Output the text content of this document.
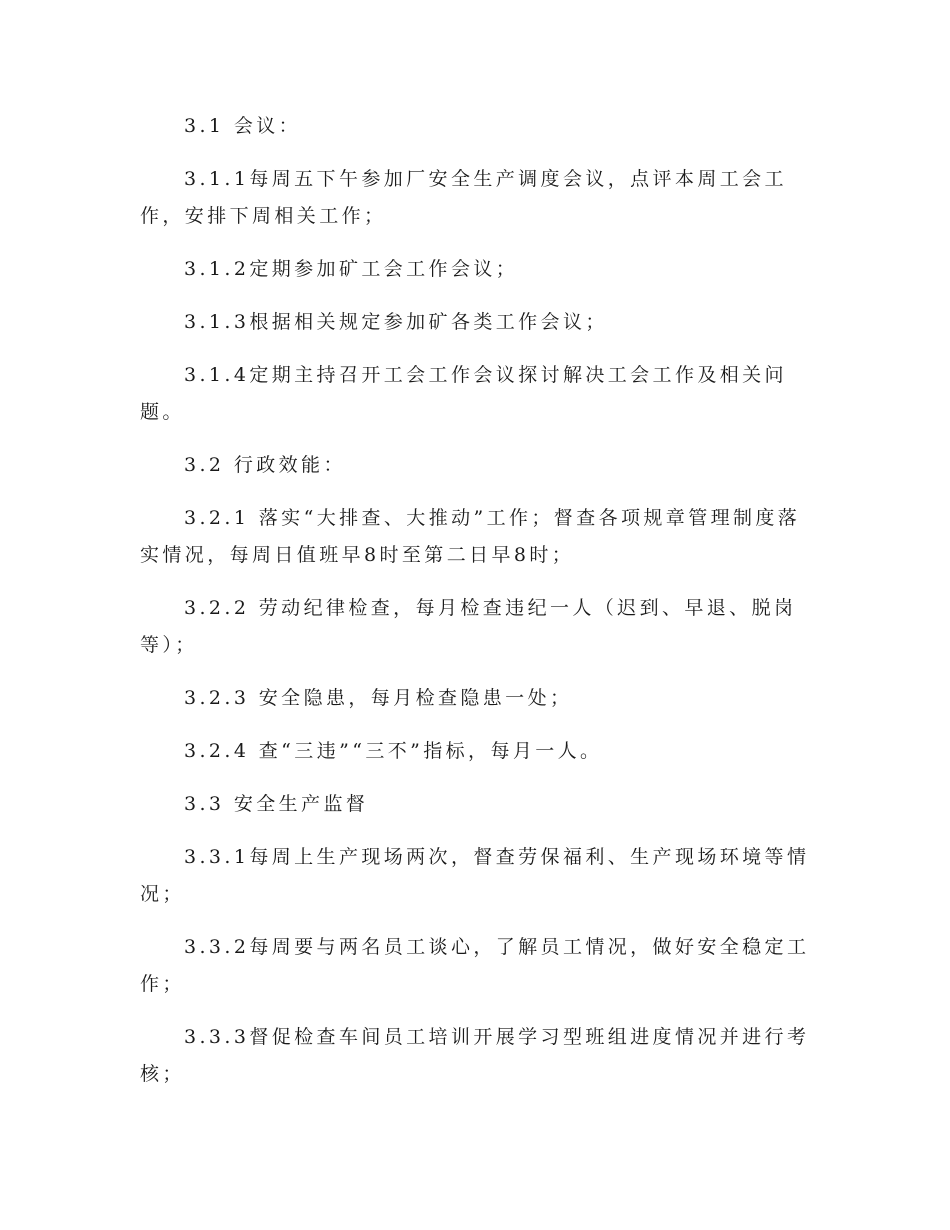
3.1 会议：

3.1.1每周五下午参加厂安全生产调度会议，点评本周工会工作，安排下周相关工作；

3.1.2定期参加矿工会工作会议；

3.1.3根据相关规定参加矿各类工作会议；

3.1.4定期主持召开工会工作会议探讨解决工会工作及相关问题。

3.2 行政效能：

3.2.1 落实“大排查、大推动”工作；督查各项规章管理制度落实情况，每周日值班早8时至第二日早8时；

3.2.2 劳动纪律检查，每月检查违纪一人（迟到、早退、脱岗等）；

3.2.3 安全隐患，每月检查隐患一处；

3.2.4 查“三违”“三不”指标，每月一人。

3.3 安全生产监督

3.3.1每周上生产现场两次，督查劳保福利、生产现场环境等情况；

3.3.2每周要与两名员工谈心，了解员工情况，做好安全稳定工作；

3.3.3督促检查车间员工培训开展学习型班组进度情况并进行考核；
